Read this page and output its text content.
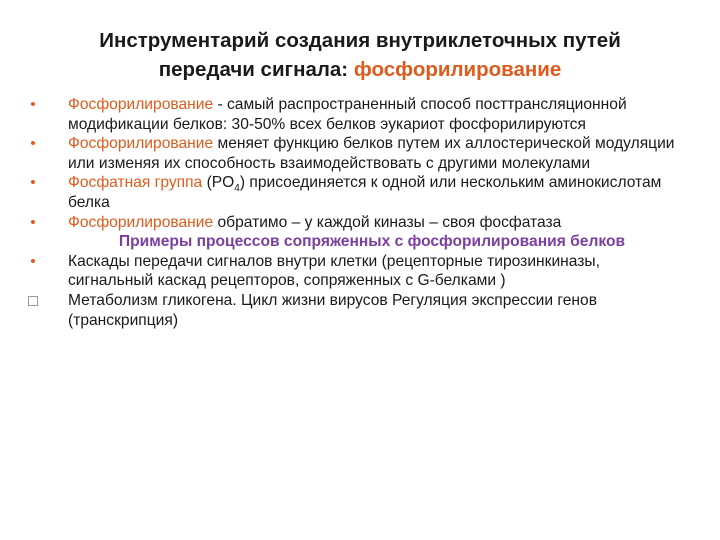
Инструментарий создания внутриклеточных путей
передачи сигнала: фосфорилирование
• Фосфорилирование - самый распространенный способ посттрансляционной модификации белков: 30-50% всех белков эукариот фосфорилируются
• Фосфорилирование меняет функцию белков путем их аллостерической модуляции или изменяя их способность взаимодействовать с другими молекулами
• Фосфатная группа $(PO_4)$ присоединяется к одной или нескольким аминокислотам белка
• Фосфорилирование обратимо – у каждой киназы – своя фосфатаза
Примеры процессов сопряженных с фосфорилирования белков
• Каскады передачи сигналов внутри клетки (рецепторные тирозинкиназы, сигнальный каскад рецепторов, сопряженных с G-белками )
Метаболизм гликогена. Цикл жизни вирусов Регуляция экспрессии генов (транскрипция)
